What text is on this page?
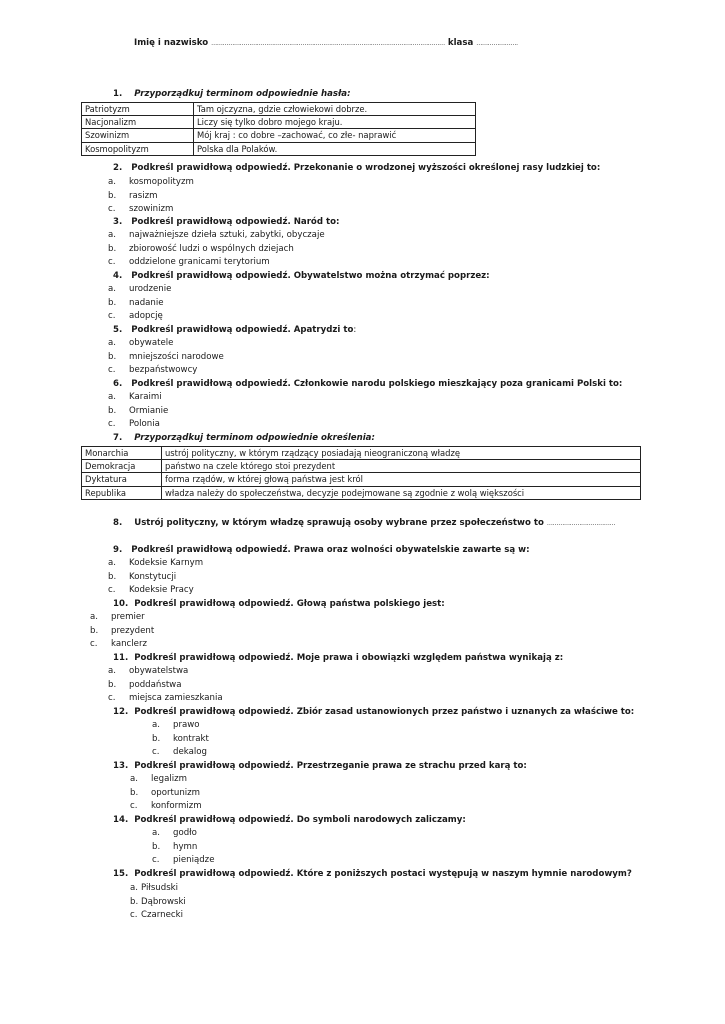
Imię i nazwisko …………………………………………………………………………………………………………… klasa ………………….
1. Przyporządkuj terminom odpowiednie hasła:
Patriotyzm	Tam ojczyzna, gdzie człowiekowi dobrze.
Nacjonalizm	Liczy się tylko dobro mojego kraju.
Szowinizm	Mój kraj : co dobre –zachować, co złe- naprawić
Kosmopolityzm	Polska dla Polaków.
2. Podkreśl prawidłową odpowiedź. Przekonanie o wrodzonej wyższości określonej rasy ludzkiej to:
a. kosmopolityzm
b. rasizm
c. szowinizm
3. Podkreśl prawidłową odpowiedź. Naród to:
a. najważniejsze dzieła sztuki, zabytki, obyczaje
b. zbiorowość ludzi o wspólnych dziejach
c. oddzielone granicami terytorium
4. Podkreśl prawidłową odpowiedź. Obywatelstwo można otrzymać poprzez:
a. urodzenie
b. nadanie
c. adopcję
5. Podkreśl prawidłową odpowiedź. Apatrydzi to:
a. obywatele
b. mniejszości narodowe
c. bezpaństwowcy
6. Podkreśl prawidłową odpowiedź. Członkowie narodu polskiego mieszkający poza granicami Polski to:
a. Karaimi
b. Ormianie
c. Polonia
7. Przyporządkuj terminom odpowiednie określenia:
Monarchia	ustrój polityczny, w którym rządzący posiadają nieograniczoną władzę
Demokracja	państwo na czele którego stoi prezydent
Dyktatura	forma rządów, w której głową państwa jest król
Republika	władza należy do społeczeństwa, decyzje podejmowane są zgodnie z wolą większości
8. Ustrój polityczny, w którym władzę sprawują osoby wybrane przez społeczeństwo to ………………………………
9. Podkreśl prawidłową odpowiedź. Prawa oraz wolności obywatelskie zawarte są w:
a. Kodeksie Karnym
b. Konstytucji
c. Kodeksie Pracy
10. Podkreśl prawidłową odpowiedź. Głową państwa polskiego jest:
a. premier
b. prezydent
c. kanclerz
11. Podkreśl prawidłową odpowiedź. Moje prawa i obowiązki względem państwa wynikają z:
a. obywatelstwa
b. poddaństwa
c. miejsca zamieszkania
12. Podkreśl prawidłową odpowiedź. Zbiór zasad ustanowionych przez państwo i uznanych za właściwe to:
a. prawo
b. kontrakt
c. dekalog
13. Podkreśl prawidłową odpowiedź. Przestrzeganie prawa ze strachu przed karą to:
a. legalizm
b. oportunizm
c. konformizm
14. Podkreśl prawidłową odpowiedź. Do symboli narodowych zaliczamy:
a. godło
b. hymn
c. pieniądze
15. Podkreśl prawidłową odpowiedź. Które z poniższych postaci występują w naszym hymnie narodowym?
a. Piłsudski
b. Dąbrowski
c. Czarnecki
